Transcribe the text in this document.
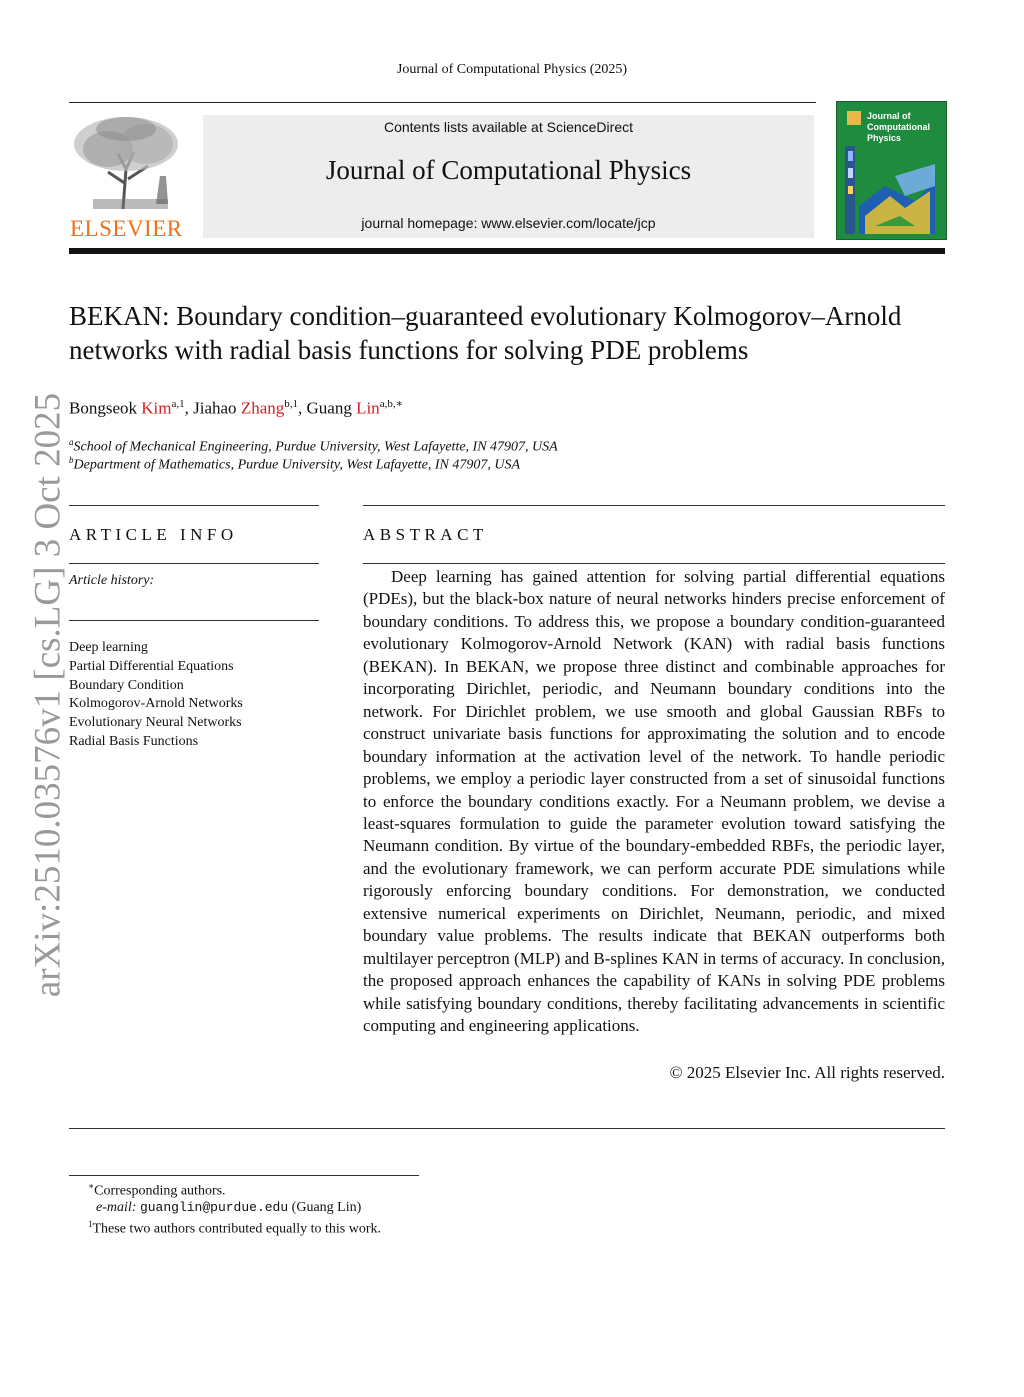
Journal of Computational Physics (2025)
ELSEVIER
Contents lists available at ScienceDirect
Journal of Computational Physics
journal homepage: www.elsevier.com/locate/jcp
Journal of
Computational
Physics
BEKAN: Boundary condition–guaranteed evolutionary Kolmogorov–Arnold
networks with radial basis functions for solving PDE problems
Bongseok Kim$^{a,1}$, Jiahao Zhang$^{b,1}$, Guang Lin$^{a,b,∗}$
$^a$School of Mechanical Engineering, Purdue University, West Lafayette, IN 47907, USA
$^b$Department of Mathematics, Purdue University, West Lafayette, IN 47907, USA
ARTICLE INFO
Article history:
Deep learning
Partial Differential Equations
Boundary Condition
Kolmogorov-Arnold Networks
Evolutionary Neural Networks
Radial Basis Functions
ABSTRACT
Deep learning has gained attention for solving partial differential equations (PDEs), but the black-box nature of neural networks hinders precise enforcement of boundary conditions. To address this, we propose a boundary condition-guaranteed evolutionary Kolmogorov-Arnold Network (KAN) with radial basis functions (BEKAN). In BEKAN, we propose three distinct and combinable approaches for incorporating Dirichlet, periodic, and Neumann boundary conditions into the network. For Dirichlet problem, we use smooth and global Gaussian RBFs to construct univariate basis functions for approximating the solution and to encode boundary information at the activation level of the network. To handle periodic problems, we employ a periodic layer constructed from a set of sinusoidal functions to enforce the boundary conditions exactly. For a Neumann problem, we devise a least-squares formulation to guide the parameter evolution toward satisfying the Neumann condition. By virtue of the boundary-embedded RBFs, the periodic layer, and the evolutionary framework, we can perform accurate PDE simulations while rigorously enforcing boundary conditions. For demonstration, we conducted extensive numerical experiments on Dirichlet, Neumann, periodic, and mixed boundary value problems. The results indicate that BEKAN outperforms both multilayer perceptron (MLP) and B-splines KAN in terms of accuracy. In conclusion, the proposed approach enhances the capability of KANs in solving PDE problems while satisfying boundary conditions, thereby facilitating advancements in scientific computing and engineering applications.
© 2025 Elsevier Inc. All rights reserved.
arXiv:2510.03576v1 [cs.LG] 3 Oct 2025
∗Corresponding authors.
e-mail: guanglin@purdue.edu (Guang Lin)
$^1$These two authors contributed equally to this work.
